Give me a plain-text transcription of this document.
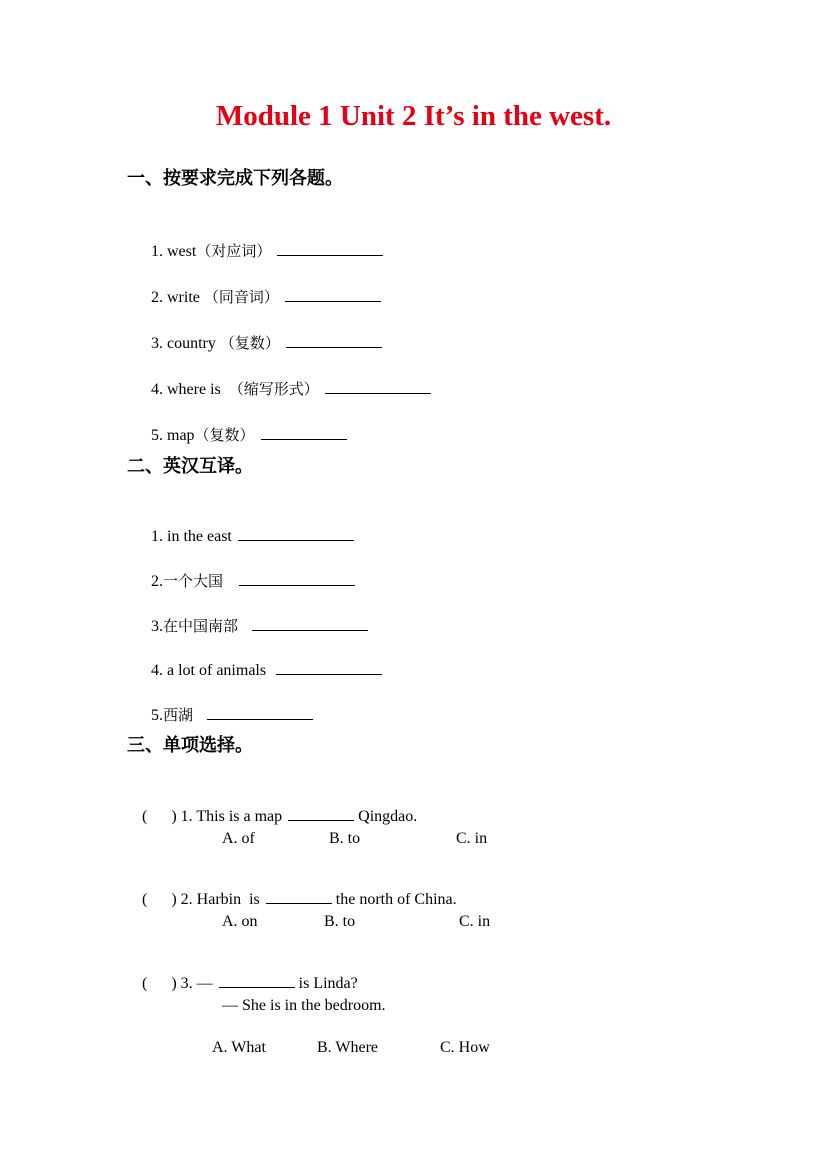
Module 1 Unit 2 It’s in the west.
一、按要求完成下列各题。

1. west（对应词）

2. write （同音词）

3. country （复数）

4. where is  （缩写形式）

5. map（复数）

二、英汉互译。

1. in the east

2.一个大国

3.在中国南部

4. a lot of animals

5.西湖

三、单项选择。

(      ) 1. This is a map	Qingdao.

A. of	B. to	C. in

(      ) 2. Harbin  is	the north of China.

A. on	B. to	C. in

(      ) 3. —	is Linda?

— She is in the bedroom.
A. What	B. Where	C. How
